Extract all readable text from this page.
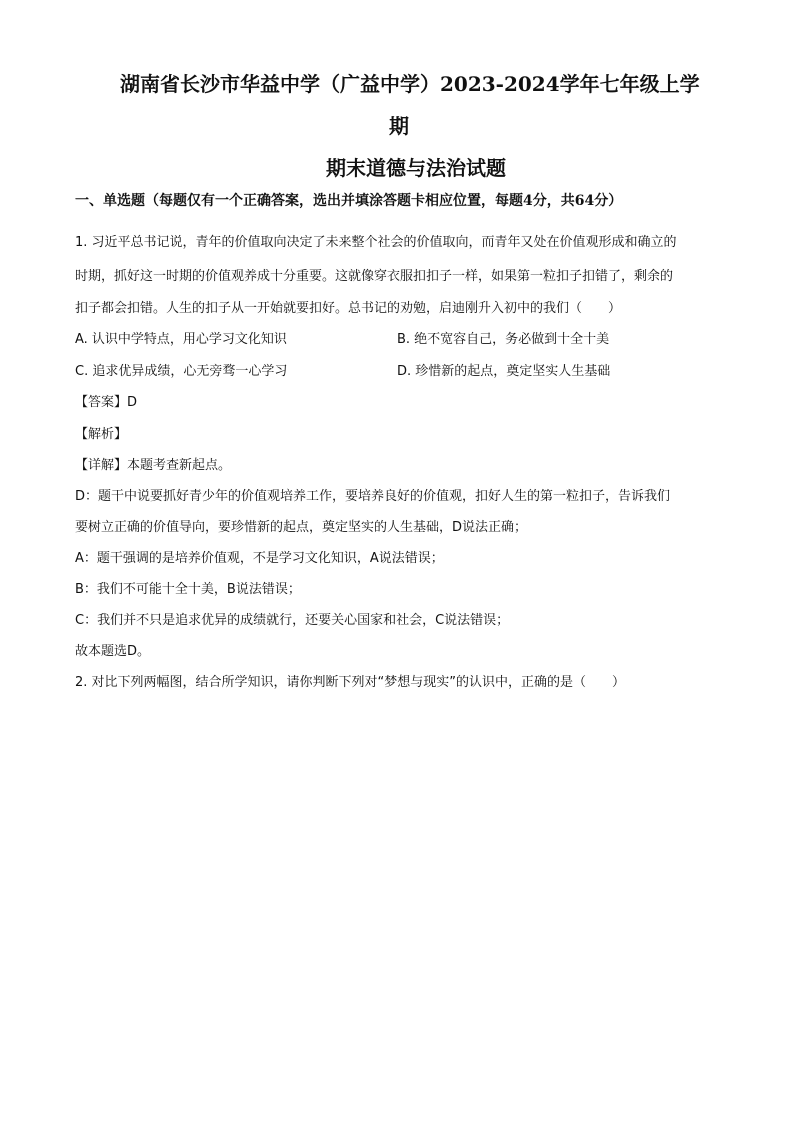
湖南省长沙市华益中学（广益中学）2023-2024学年七年级上学
期
期末道德与法治试题
一、单选题（每题仅有一个正确答案，选出并填涂答题卡相应位置，每题4分，共64分）
1. 习近平总书记说，青年的价值取向决定了未来整个社会的价值取向，而青年又处在价值观形成和确立的
时期，抓好这一时期的价值观养成十分重要。这就像穿衣服扣扣子一样，如果第一粒扣子扣错了，剩余的
扣子都会扣错。人生的扣子从一开始就要扣好。总书记的劝勉，启迪刚升入初中的我们（　　）
A. 认识中学特点，用心学习文化知识	B. 绝不宽容自己，务必做到十全十美
C. 追求优异成绩，心无旁骛一心学习	D. 珍惜新的起点，奠定坚实人生基础
【答案】D
【解析】
【详解】本题考查新起点。
D：题干中说要抓好青少年的价值观培养工作，要培养良好的价值观，扣好人生的第一粒扣子，告诉我们
要树立正确的价值导向，要珍惜新的起点，奠定坚实的人生基础，D说法正确；
A：题干强调的是培养价值观，不是学习文化知识，A说法错误；
B：我们不可能十全十美，B说法错误；
C：我们并不只是追求优异的成绩就行，还要关心国家和社会，C说法错误；
故本题选D。
2. 对比下列两幅图，结合所学知识，请你判断下列对“梦想与现实”的认识中，正确的是（　　）
